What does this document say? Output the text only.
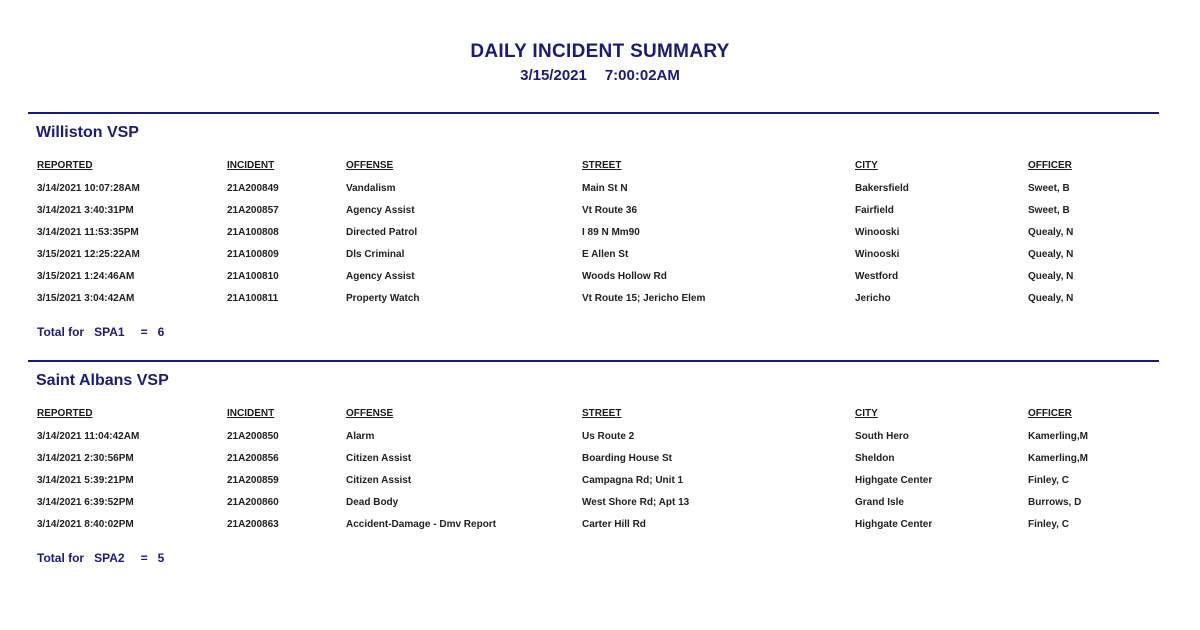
DAILY INCIDENT SUMMARY
3/15/2021 7:00:02AM
Williston VSP
REPORTED	INCIDENT	OFFENSE	STREET	CITY	OFFICER
3/14/2021 10:07:28AM	21A200849	Vandalism	Main St N	Bakersfield	Sweet, B
3/14/2021 3:40:31PM	21A200857	Agency Assist	Vt Route 36	Fairfield	Sweet, B
3/14/2021 11:53:35PM	21A100808	Directed Patrol	I 89 N Mm90	Winooski	Quealy, N
3/15/2021 12:25:22AM	21A100809	Dls Criminal	E Allen St	Winooski	Quealy, N
3/15/2021 1:24:46AM	21A100810	Agency Assist	Woods Hollow Rd	Westford	Quealy, N
3/15/2021 3:04:42AM	21A100811	Property Watch	Vt Route 15; Jericho Elem	Jericho	Quealy, N
Total for SPA1 = 6
Saint Albans VSP
REPORTED	INCIDENT	OFFENSE	STREET	CITY	OFFICER
3/14/2021 11:04:42AM	21A200850	Alarm	Us Route 2	South Hero	Kamerling,M
3/14/2021 2:30:56PM	21A200856	Citizen Assist	Boarding House St	Sheldon	Kamerling,M
3/14/2021 5:39:21PM	21A200859	Citizen Assist	Campagna Rd; Unit 1	Highgate Center	Finley, C
3/14/2021 6:39:52PM	21A200860	Dead Body	West Shore Rd; Apt 13	Grand Isle	Burrows, D
3/14/2021 8:40:02PM	21A200863	Accident-Damage - Dmv Report	Carter Hill Rd	Highgate Center	Finley, C
Total for SPA2 = 5
